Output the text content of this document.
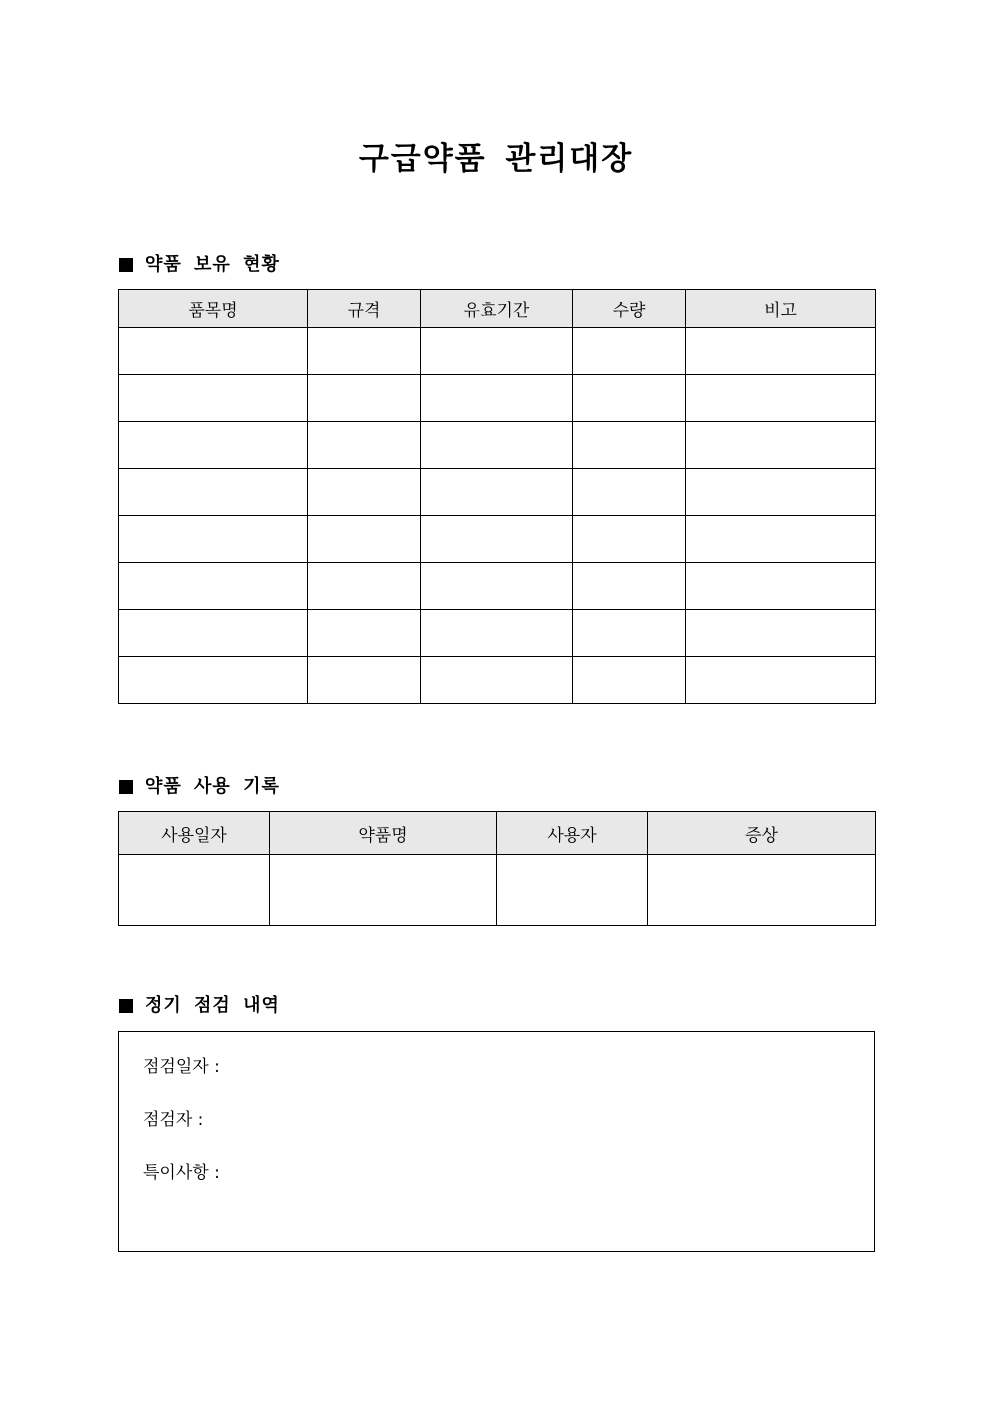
구급약품 관리대장
약품 보유 현황
품목명	규격	유효기간	수량	비고

약품 사용 기록
사용일자	약품명	사용자	증상

정기 점검 내역
점검일자 :
점검자 :
특이사항 :
